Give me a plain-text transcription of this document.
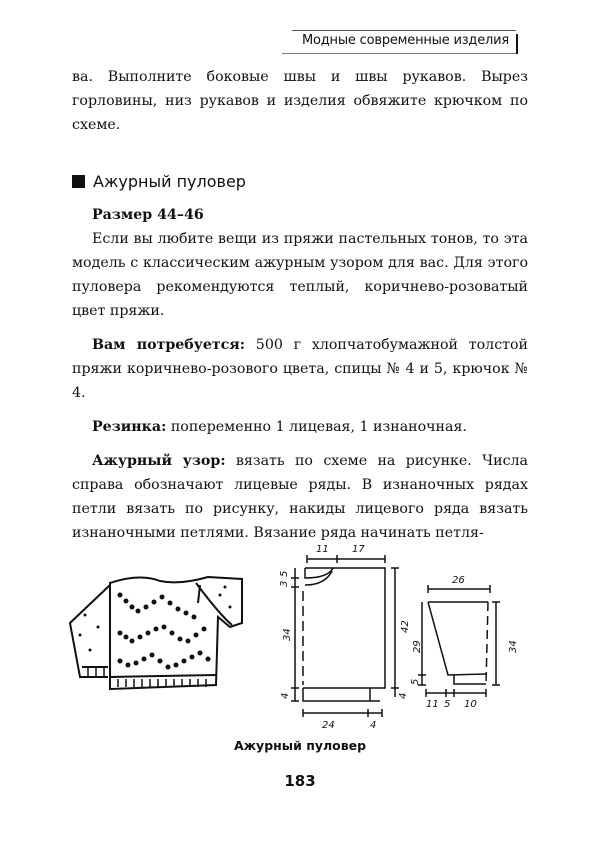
Модные современные изделия

ва. Выполните боковые швы и швы рукавов. Вырез горловины, низ рукавов и изделия обвяжите крючком по схеме.

Ажурный пуловер

Размер 44–46

Если вы любите вещи из пряжи пастельных тонов, то эта модель с классическим ажурным узором для вас. Для этого пуловера рекомендуются теплый, коричнево-розоватый цвет пряжи.

Вам потребуется: 500 г хлопчатобумажной толстой пряжи коричнево-розового цвета, спицы № 4 и 5, крючок № 4.

Резинка: попеременно 1 лицевая, 1 изнаночная.

Ажурный узор: вязать по схеме на рисунке. Числа справа обозначают лицевые ряды. В изнаночных рядах петли вязать по рисунку, накиды лицевого ряда вязать изнаночными петлями. Вязание ряда начинать петля-

11 17
5
3
34
4
42
4
24	4
26
29
5
34
11 5 10
Ажурный пуловер
183
